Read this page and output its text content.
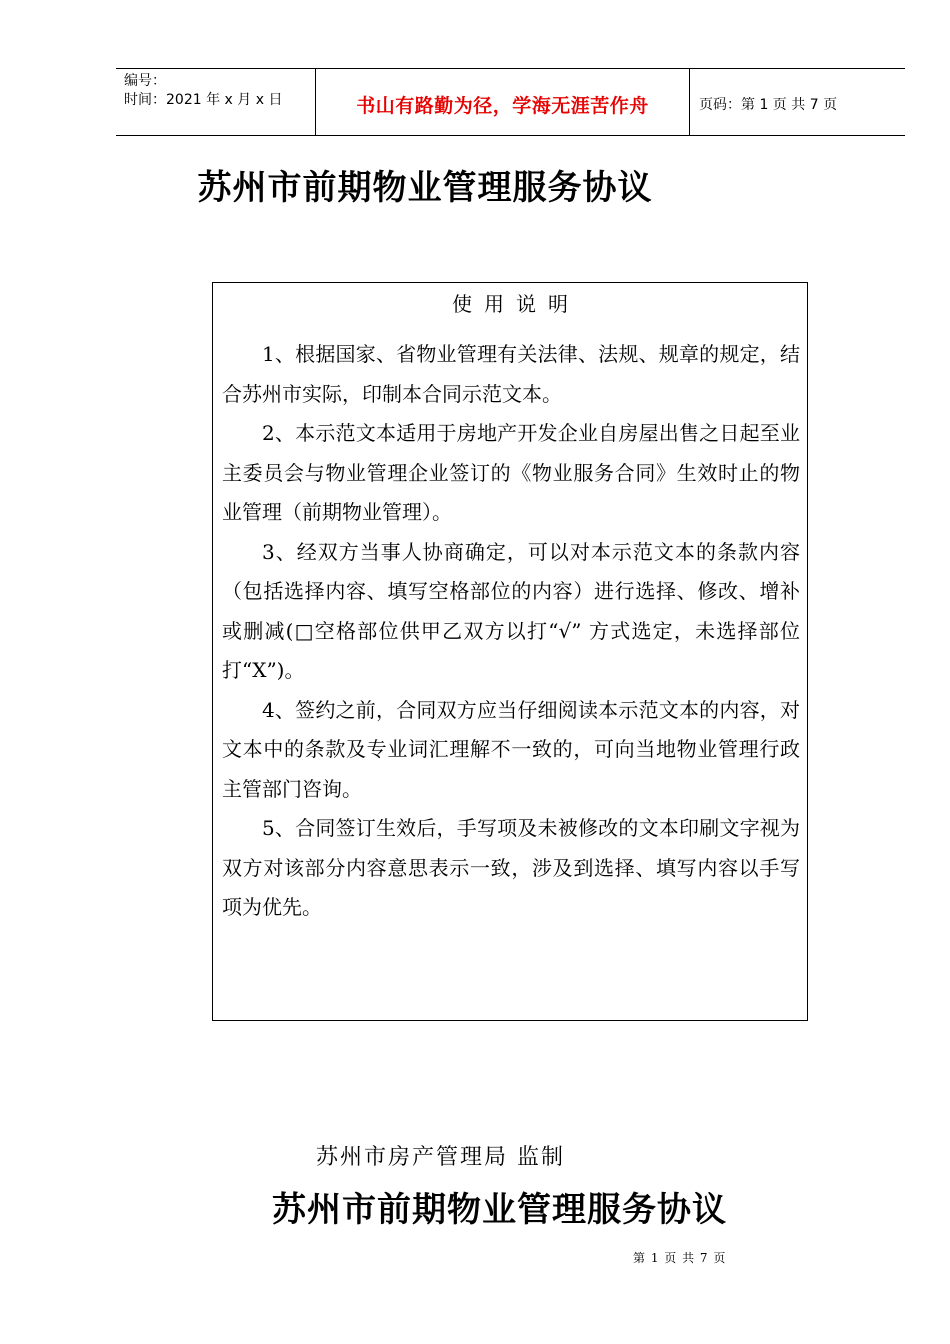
编号：
时间：2021 年 x 月 x 日	书山有路勤为径，学海无涯苦作舟	页码：第 1 页 共 7 页
苏州市前期物业管理服务协议
使用说明

1、根据国家、省物业管理有关法律、法规、规章的规定，结合苏州市实际，印制本合同示范文本。

2、本示范文本适用于房地产开发企业自房屋出售之日起至业主委员会与物业管理企业签订的《物业服务合同》生效时止的物业管理（前期物业管理）。

3、经双方当事人协商确定，可以对本示范文本的条款内容（包括选择内容、填写空格部位的内容）进行选择、修改、增补或删减(□空格部位供甲乙双方以打“√” 方式选定，未选择部位打“X”)。

4、签约之前，合同双方应当仔细阅读本示范文本的内容，对文本中的条款及专业词汇理解不一致的，可向当地物业管理行政主管部门咨询。

5、合同签订生效后，手写项及未被修改的文本印刷文字视为双方对该部分内容意思表示一致，涉及到选择、填写内容以手写项为优先。

苏州市房产管理局 监制
苏州市前期物业管理服务协议
第 1 页 共 7 页
